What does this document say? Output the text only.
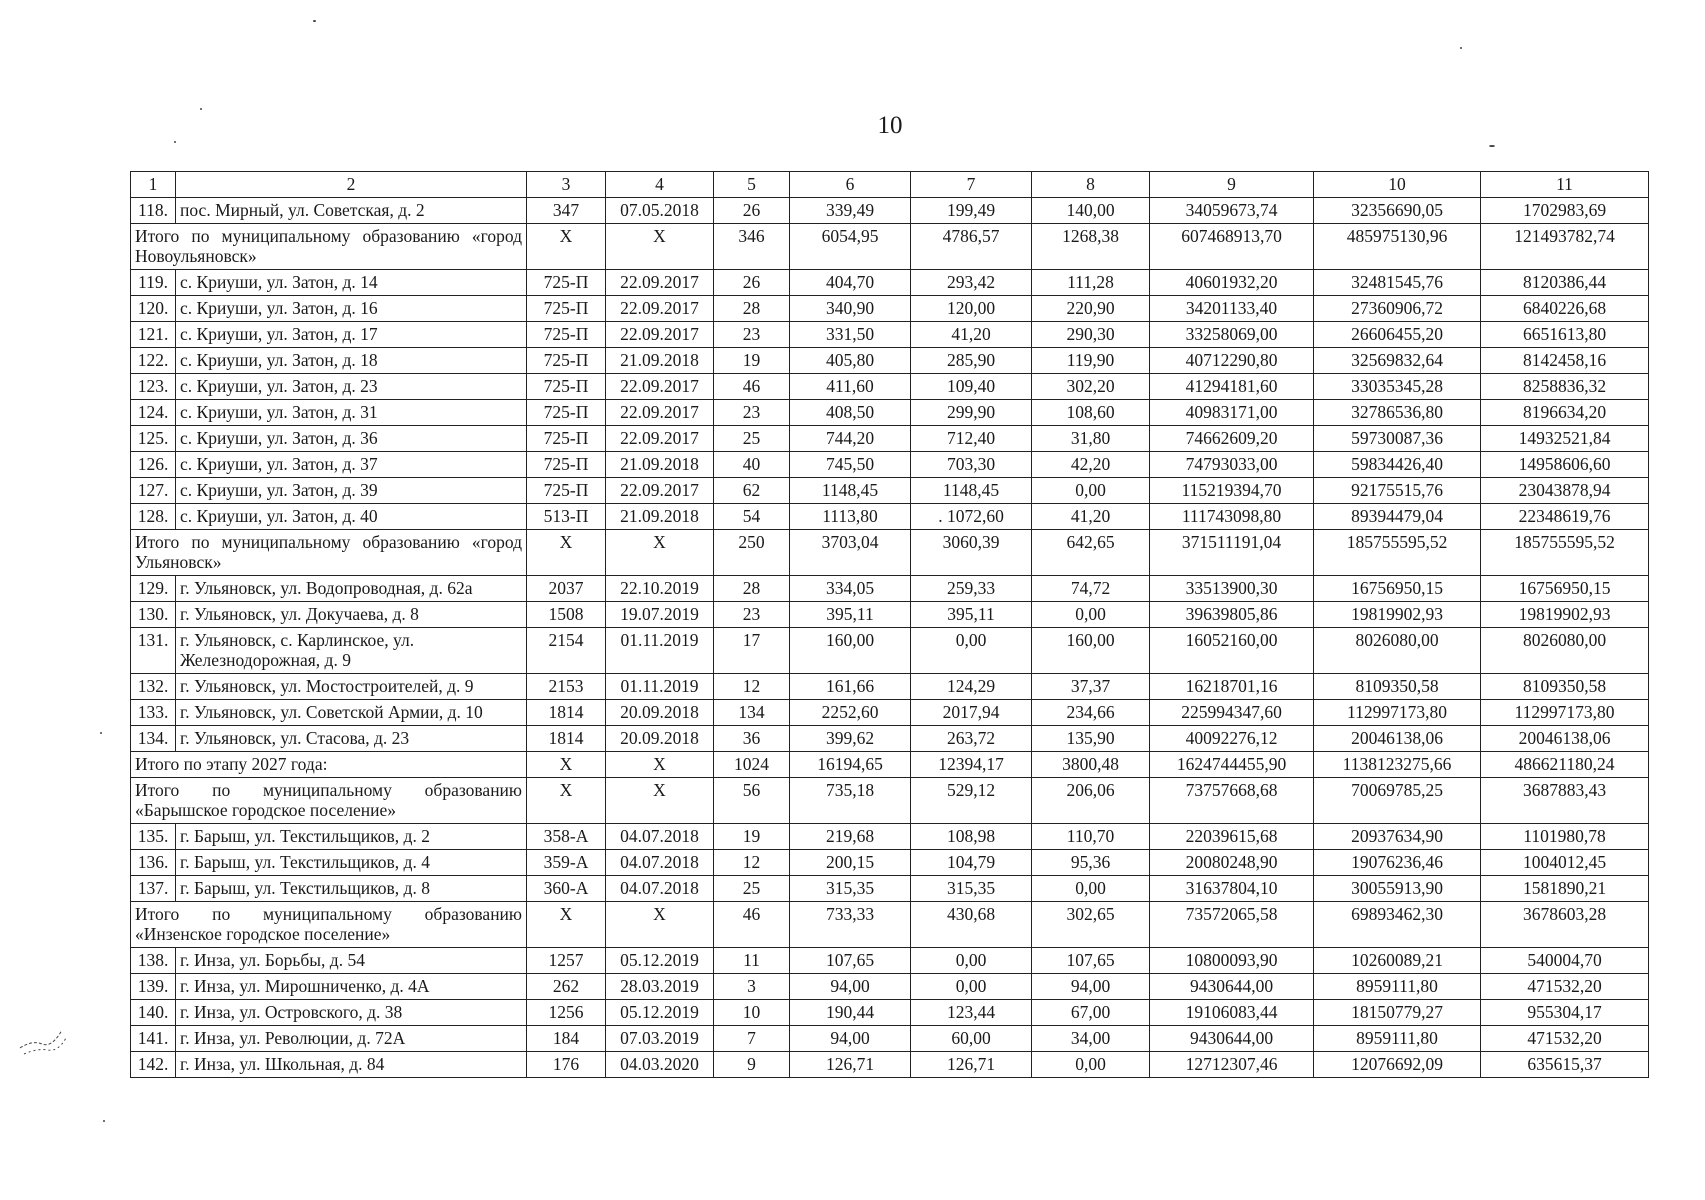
10
1	2	3	4	5	6	7	8	9	10	11
118.	пос. Мирный, ул. Советская, д. 2	347	07.05.2018	26	339,49	199,49	140,00	34059673,74	32356690,05	1702983,69
Итого по муниципальному образованию «город Новоульяновск»		X	X	346	6054,95	4786,57	1268,38	607468913,70	485975130,96	121493782,74
119.	с. Криуши, ул. Затон, д. 14	725-П	22.09.2017	26	404,70	293,42	111,28	40601932,20	32481545,76	8120386,44
120.	с. Криуши, ул. Затон, д. 16	725-П	22.09.2017	28	340,90	120,00	220,90	34201133,40	27360906,72	6840226,68
121.	с. Криуши, ул. Затон, д. 17	725-П	22.09.2017	23	331,50	41,20	290,30	33258069,00	26606455,20	6651613,80
122.	с. Криуши, ул. Затон, д. 18	725-П	21.09.2018	19	405,80	285,90	119,90	40712290,80	32569832,64	8142458,16
123.	с. Криуши, ул. Затон, д. 23	725-П	22.09.2017	46	411,60	109,40	302,20	41294181,60	33035345,28	8258836,32
124.	с. Криуши, ул. Затон, д. 31	725-П	22.09.2017	23	408,50	299,90	108,60	40983171,00	32786536,80	8196634,20
125.	с. Криуши, ул. Затон, д. 36	725-П	22.09.2017	25	744,20	712,40	31,80	74662609,20	59730087,36	14932521,84
126.	с. Криуши, ул. Затон, д. 37	725-П	21.09.2018	40	745,50	703,30	42,20	74793033,00	59834426,40	14958606,60
127.	с. Криуши, ул. Затон, д. 39	725-П	22.09.2017	62	1148,45	1148,45	0,00	115219394,70	92175515,76	23043878,94
128.	с. Криуши, ул. Затон, д. 40	513-П	21.09.2018	54	1113,80	. 1072,60	41,20	111743098,80	89394479,04	22348619,76
Итого по муниципальному образованию «город Ульяновск»		X	X	250	3703,04	3060,39	642,65	371511191,04	185755595,52	185755595,52
129.	г. Ульяновск, ул. Водопроводная, д. 62а	2037	22.10.2019	28	334,05	259,33	74,72	33513900,30	16756950,15	16756950,15
130.	г. Ульяновск, ул. Докучаева, д. 8	1508	19.07.2019	23	395,11	395,11	0,00	39639805,86	19819902,93	19819902,93
131.	г. Ульяновск, с. Карлинское, ул. Железнодорожная, д. 9	2154	01.11.2019	17	160,00	0,00	160,00	16052160,00	8026080,00	8026080,00
132.	г. Ульяновск, ул. Мостостроителей, д. 9	2153	01.11.2019	12	161,66	124,29	37,37	16218701,16	8109350,58	8109350,58
133.	г. Ульяновск, ул. Советской Армии, д. 10	1814	20.09.2018	134	2252,60	2017,94	234,66	225994347,60	112997173,80	112997173,80
134.	г. Ульяновск, ул. Стасова, д. 23	1814	20.09.2018	36	399,62	263,72	135,90	40092276,12	20046138,06	20046138,06
Итого по этапу 2027 года:		X	X	1024	16194,65	12394,17	3800,48	1624744455,90	1138123275,66	486621180,24
Итого по муниципальному образованию «Барышское городское поселение»		X	X	56	735,18	529,12	206,06	73757668,68	70069785,25	3687883,43
135.	г. Барыш, ул. Текстильщиков, д. 2	358-А	04.07.2018	19	219,68	108,98	110,70	22039615,68	20937634,90	1101980,78
136.	г. Барыш, ул. Текстильщиков, д. 4	359-А	04.07.2018	12	200,15	104,79	95,36	20080248,90	19076236,46	1004012,45
137.	г. Барыш, ул. Текстильщиков, д. 8	360-А	04.07.2018	25	315,35	315,35	0,00	31637804,10	30055913,90	1581890,21
Итого по муниципальному образованию «Инзенское городское поселение»		X	X	46	733,33	430,68	302,65	73572065,58	69893462,30	3678603,28
138.	г. Инза, ул. Борьбы, д. 54	1257	05.12.2019	11	107,65	0,00	107,65	10800093,90	10260089,21	540004,70
139.	г. Инза, ул. Мирошниченко, д. 4А	262	28.03.2019	3	94,00	0,00	94,00	9430644,00	8959111,80	471532,20
140.	г. Инза, ул. Островского, д. 38	1256	05.12.2019	10	190,44	123,44	67,00	19106083,44	18150779,27	955304,17
141.	г. Инза, ул. Революции, д. 72А	184	07.03.2019	7	94,00	60,00	34,00	9430644,00	8959111,80	471532,20
142.	г. Инза, ул. Школьная, д. 84	176	04.03.2020	9	126,71	126,71	0,00	12712307,46	12076692,09	635615,37
